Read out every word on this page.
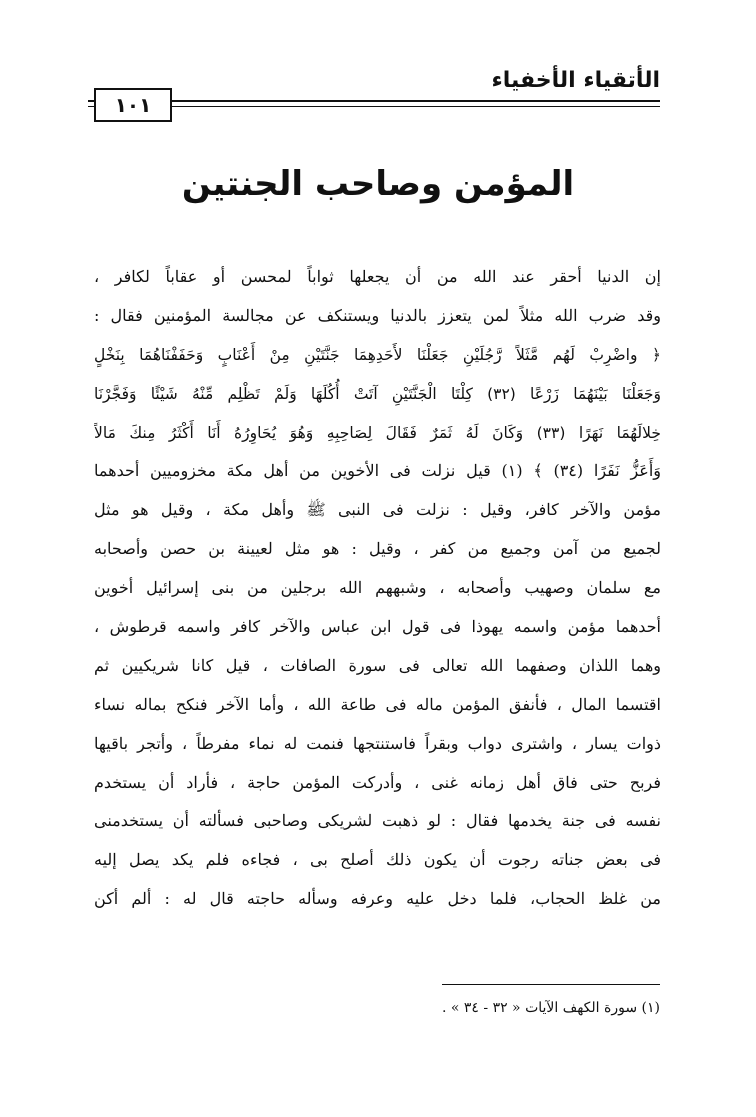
الأتقياء الأخفياء
١٠١
المؤمن وصاحب الجنتين
إن الدنيا أحقر عند الله من أن يجعلها ثواباً لمحسن أو عقاباً لكافر ،
وقد ضرب الله مثلاً لمن يتعزز بالدنيا ويستنكف عن مجالسة المؤمنين فقال :
﴿ واضْرِبْ لَهُم مَّثَلاً رَّجُلَيْنِ جَعَلْنَا لأَحَدِهِمَا جَنَّتَيْنِ مِنْ أَعْنَابٍ وَحَفَفْنَاهُمَا بِنَخْلٍ
وَجَعَلْنَا بَيْنَهُمَا زَرْعًا (٣٢) كِلْتَا الْجَنَّتَيْنِ آتَتْ أُكُلَهَا وَلَمْ تَظْلِم مِّنْهُ شَيْئًا وَفَجَّرْنَا
خِلالَهُمَا نَهَرًا (٣٣) وَكَانَ لَهُ ثَمَرٌ فَقَالَ لِصَاحِبِهِ وَهُوَ يُحَاوِرُهُ أَنَا أَكْثَرُ مِنكَ مَالاً
وَأَعَزُّ نَفَرًا (٣٤) ﴾ (١) قيل نزلت فى الأخوين من أهل مكة مخزوميين أحدهما
مؤمن والآخر كافر، وقيل : نزلت فى النبى ﷺ وأهل مكة ، وقيل هو مثل
لجميع من آمن وجميع من كفر ، وقيل : هو مثل لعيينة بن حصن وأصحابه
مع سلمان وصهيب وأصحابه ، وشبههم الله برجلين من بنى إسرائيل أخوين
أحدهما مؤمن واسمه يهوذا فى قول ابن عباس والآخر كافر واسمه قرطوش ،
وهما اللذان وصفهما الله تعالى فى سورة الصافات ، قيل كانا شريكيين ثم
اقتسما المال ، فأنفق المؤمن ماله فى طاعة الله ، وأما الآخر فنكح بماله نساء
ذوات يسار ، واشترى دواب وبقراً فاستنتجها فنمت له نماء مفرطاً ، وأتجر باقيها
فربح حتى فاق أهل زمانه غنى ، وأدركت المؤمن حاجة ، فأراد أن يستخدم
نفسه فى جنة يخدمها فقال : لو ذهبت لشريكى وصاحبى فسألته أن يستخدمنى
فى بعض جناته رجوت أن يكون ذلك أصلح بى ، فجاءه فلم يكد يصل إليه
من غلظ الحجاب، فلما دخل عليه وعرفه وسأله حاجته قال له : ألم أكن
(١) سورة الكهف الآيات « ٣٢ - ٣٤ » .
